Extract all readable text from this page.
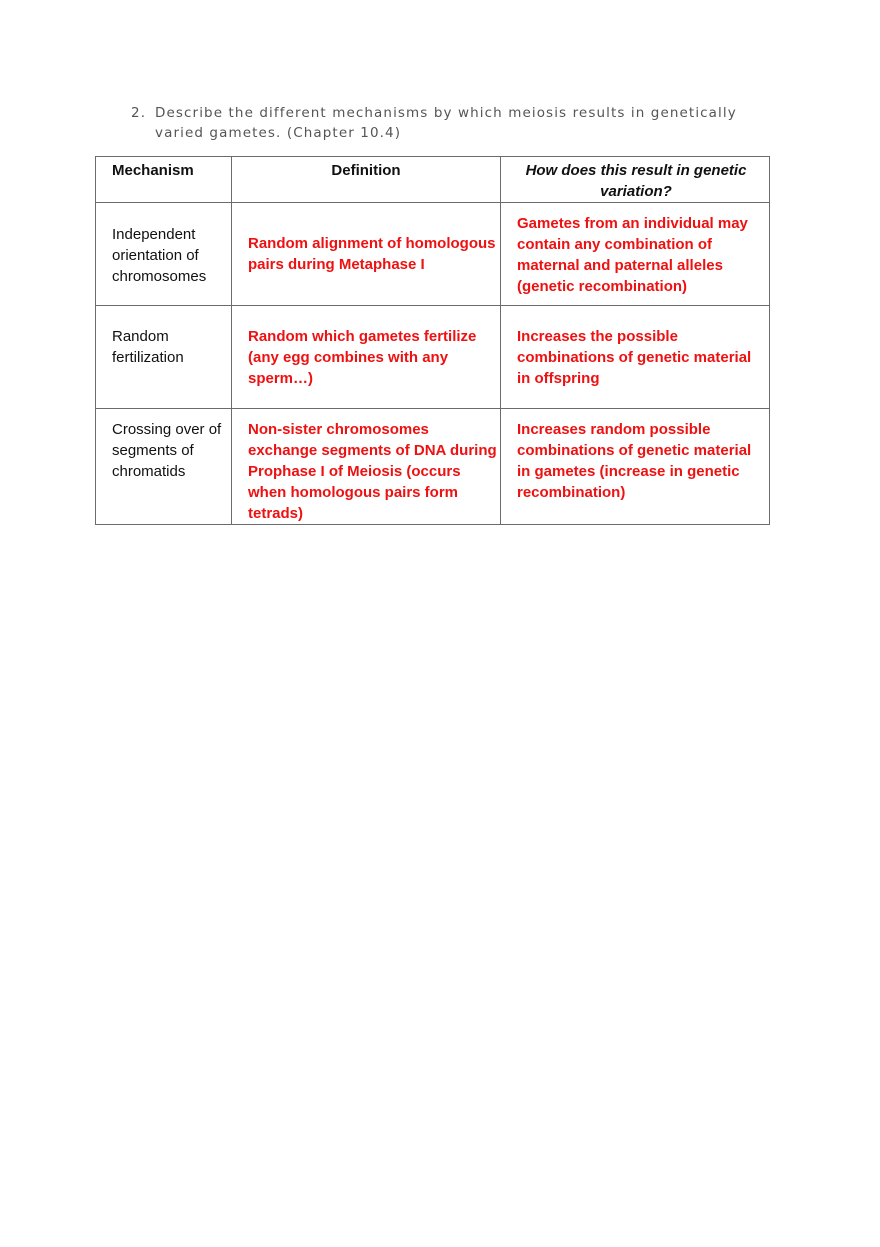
2. Describe the different mechanisms by which meiosis results in genetically varied gametes. (Chapter 10.4)
Mechanism	Definition	How does this result in genetic variation?
Independent orientation of chromosomes	Random alignment of homologous pairs during Metaphase I	Gametes from an individual may contain any combination of maternal and paternal alleles (genetic recombination)
Random fertilization	Random which gametes fertilize (any egg combines with any sperm…)	Increases the possible combinations of genetic material in offspring
Crossing over of segments of chromatids	Non-sister chromosomes exchange segments of DNA during Prophase I of Meiosis (occurs when homologous pairs form tetrads)	Increases random possible combinations of genetic material in gametes (increase in genetic recombination)
